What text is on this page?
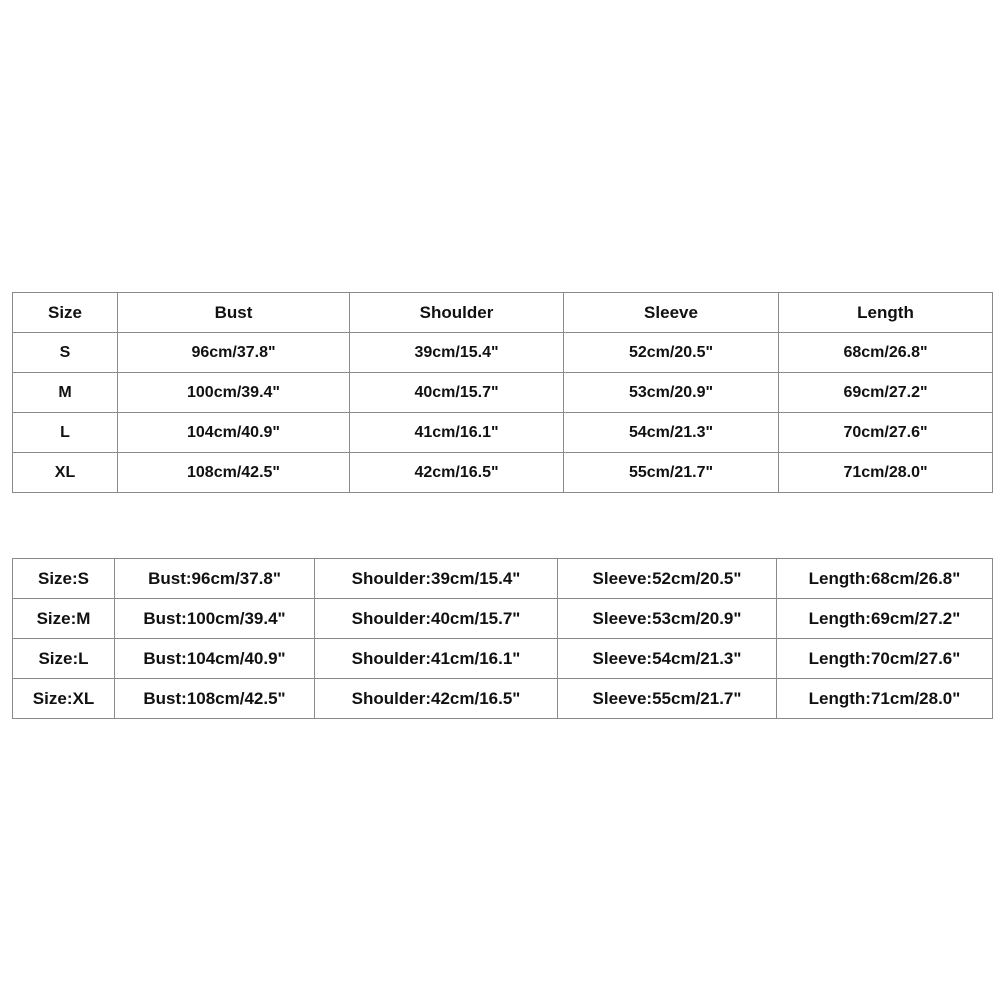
Size	Bust	Shoulder	Sleeve	Length
S	96cm/37.8"	39cm/15.4"	52cm/20.5"	68cm/26.8"
M	100cm/39.4"	40cm/15.7"	53cm/20.9"	69cm/27.2"
L	104cm/40.9"	41cm/16.1"	54cm/21.3"	70cm/27.6"
XL	108cm/42.5"	42cm/16.5"	55cm/21.7"	71cm/28.0"
Size:S	Bust:96cm/37.8"	Shoulder:39cm/15.4"	Sleeve:52cm/20.5"	Length:68cm/26.8"
Size:M	Bust:100cm/39.4"	Shoulder:40cm/15.7"	Sleeve:53cm/20.9"	Length:69cm/27.2"
Size:L	Bust:104cm/40.9"	Shoulder:41cm/16.1"	Sleeve:54cm/21.3"	Length:70cm/27.6"
Size:XL	Bust:108cm/42.5"	Shoulder:42cm/16.5"	Sleeve:55cm/21.7"	Length:71cm/28.0"
